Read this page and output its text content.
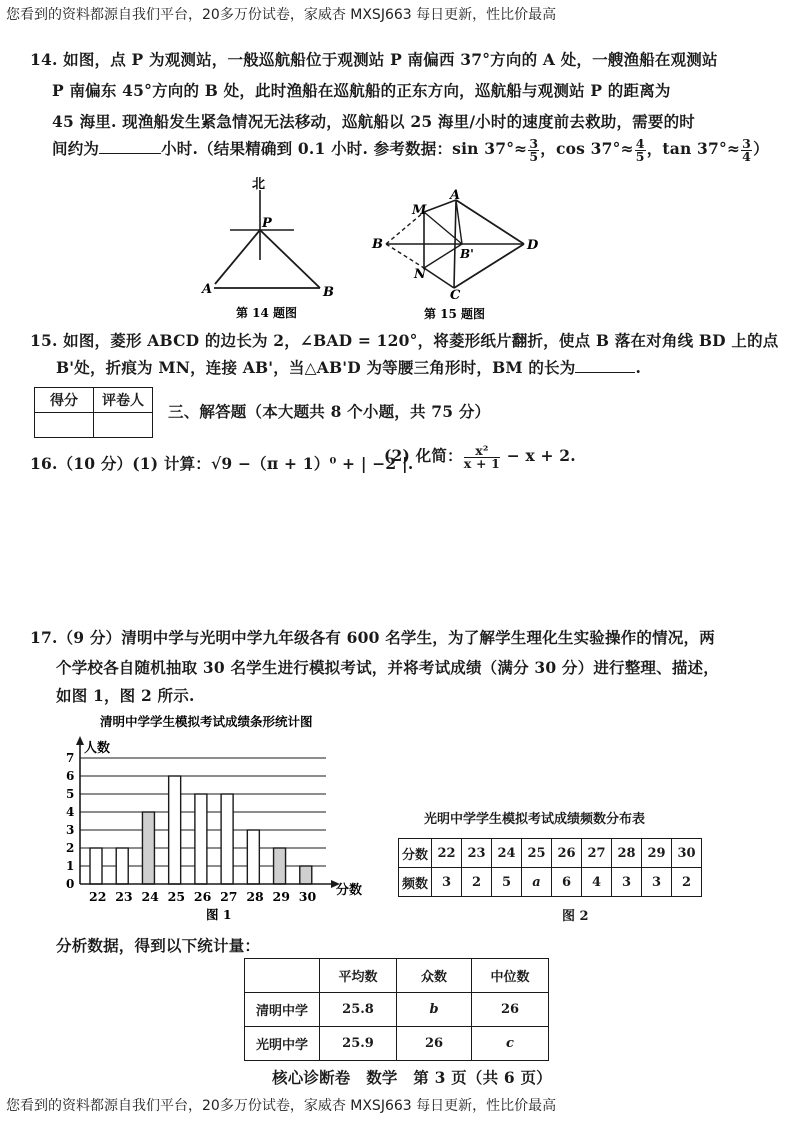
您看到的资料都源自我们平台，20多万份试卷，家威杏 MXSJ663 每日更新，性比价最高
14. 如图，点 P 为观测站，一般巡航船位于观测站 P 南偏西 37°方向的 A 处，一艘渔船在观测站
P 南偏东 45°方向的 B 处，此时渔船在巡航船的正东方向，巡航船与观测站 P 的距离为
45 海里. 现渔船发生紧急情况无法移动，巡航船以 25 海里/小时的速度前去救助，需要的时
间约为	小时.（结果精确到 0.1 小时. 参考数据：$\sin 37^\circ\approx \frac{3}{5}$ ，$\cos 37^\circ\approx \frac{4}{5}$ ，$\tan 37^\circ\approx \frac{3}{4}$ ）
北
P
A	B
第 14 题图
A
B
C
D
M
N
B'
第 15 题图
15. 如图，菱形 ABCD 的边长为 2，∠BAD = 120°，将菱形纸片翻折，使点 B 落在对角线 BD 上的点
B'处，折痕为 MN，连接 AB'，当△AB'D 为等腰三角形时，BM 的长为	.
得分	评卷人

三、解答题（本大题共 8 个小题，共 75 分）
16.（10 分）(1) 计算：√9 −（π + 1）⁰ + | −2 |.
(2) 化简： $\frac{\text{x²}}{x + 1} - x + 2$.
17.（9 分）清明中学与光明中学九年级各有 600 名学生，为了解学生理化生实验操作的情况，两
个学校各自随机抽取 30 名学生进行模拟考试，并将考试成绩（满分 30 分）进行整理、描述，
如图 1，图 2 所示.
清明中学学生模拟考试成绩条形统计图
人数
分数
图 1
0
1
2
3
4
5
6
7
22 23 24 25 26 27 28 29 30
光明中学学生模拟考试成绩频数分布表
分数	22	23	24	25	26	27	28	29	30
频数	3	2	5	a	6	4	3	3	2
图 2
分析数据，得到以下统计量：
	平均数	众数	中位数
清明中学	25.8	b	26
光明中学	25.9	26	c
核心诊断卷　数学　第 3 页（共 6 页）
您看到的资料都源自我们平台，20多万份试卷，家威杏 MXSJ663 每日更新，性比价最高
